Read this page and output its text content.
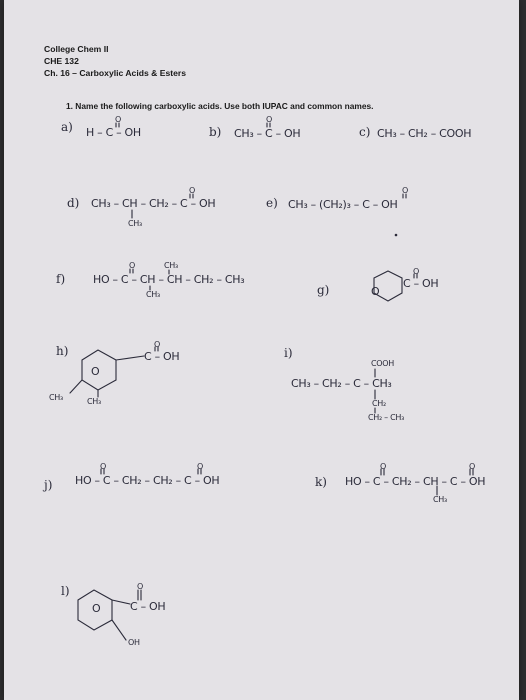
College Chem II
CHE 132
Ch. 16 – Carboxylic Acids & Esters
1. Name the following carboxylic acids. Use both IUPAC and common names.
a)
O
H – C – OH	b)
O
CH₃ – C – OH	c) CH₃ – CH₂ – COOH
d)
O
CH₃ – CH – CH₂ – C – OH
CH₃
e)
O
CH₃ – (CH₂)₃ – C – OH
f)
O	CH₃
HO – C – CH – CH – CH₂ – CH₃
CH₃	g)
O
C – OH
O
h)	O
C – OH
O
CH₃	CH₃
i)
COOH
CH₃ – CH₂ – C – CH₃
CH₂
CH₂ – CH₃
j)
O	O
HO – C – CH₂ – CH₂ – C – OH	k)
O	O
HO – C – CH₂ – CH – C – OH
CH₃
l)	O
C – OH
O
OH
